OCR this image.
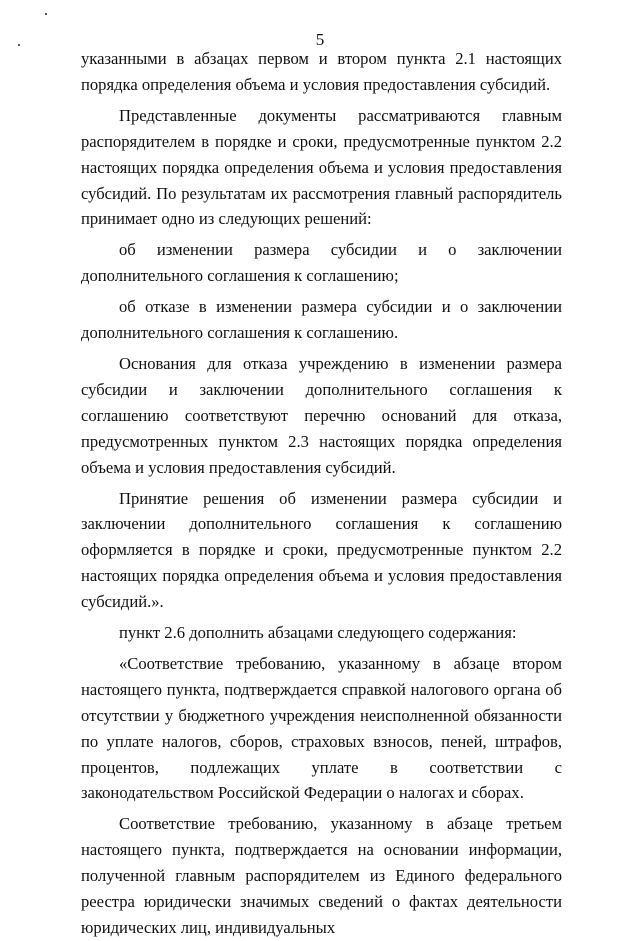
5

указанными в абзацах первом и втором пункта 2.1 настоящих порядка определения объема и условия предоставления субсидий.

Представленные документы рассматриваются главным распорядителем в порядке и сроки, предусмотренные пунктом 2.2 настоящих порядка определения объема и условия предоставления субсидий. По результатам их рассмотрения главный распорядитель принимает одно из следующих решений:

об изменении размера субсидии и о заключении дополнительного соглашения к соглашению;

об отказе в изменении размера субсидии и о заключении дополнительного соглашения к соглашению.

Основания для отказа учреждению в изменении размера субсидии и заключении дополнительного соглашения к соглашению соответствуют перечню оснований для отказа, предусмотренных пунктом 2.3 настоящих порядка определения объема и условия предоставления субсидий.

Принятие решения об изменении размера субсидии и заключении дополнительного соглашения к соглашению оформляется в порядке и сроки, предусмотренные пунктом 2.2 настоящих порядка определения объема и условия предоставления субсидий.».

пункт 2.6 дополнить абзацами следующего содержания:

«Соответствие требованию, указанному в абзаце втором настоящего пункта, подтверждается справкой налогового органа об отсутствии у бюджетного учреждения неисполненной обязанности по уплате налогов, сборов, страховых взносов, пеней, штрафов, процентов, подлежащих уплате в соответствии с законодательством Российской Федерации о налогах и сборах.

Соответствие требованию, указанному в абзаце третьем настоящего пункта, подтверждается на основании информации, полученной главным распорядителем из Единого федерального реестра юридически значимых сведений о фактах деятельности юридических лиц, индивидуальных
